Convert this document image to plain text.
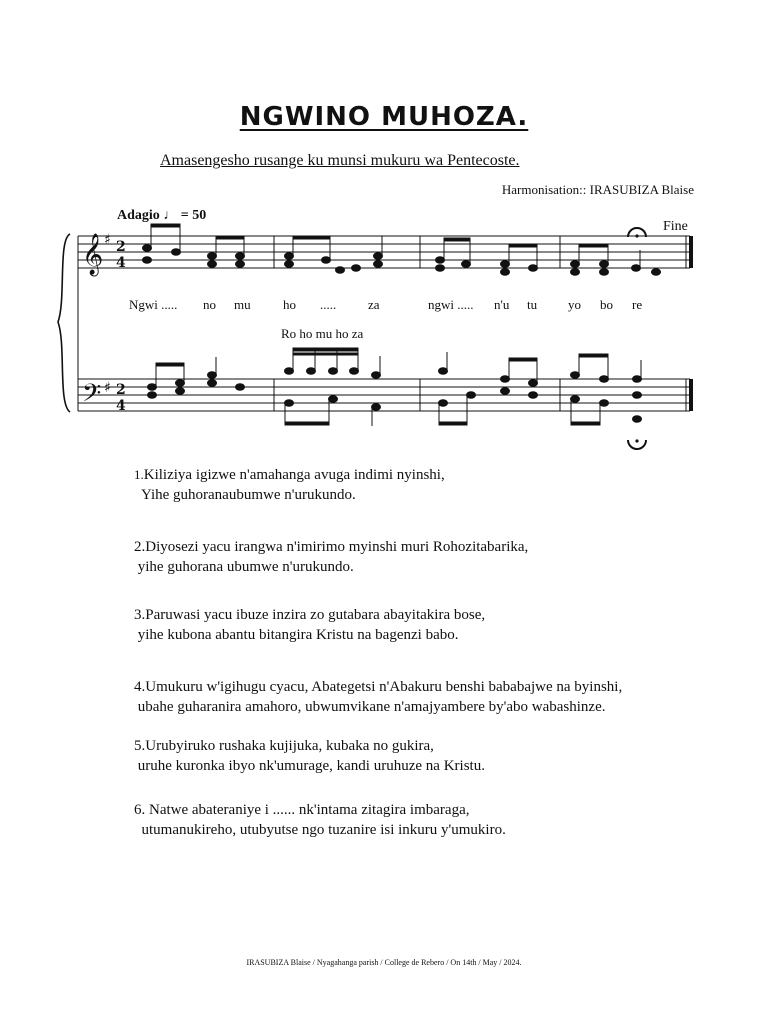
NGWINO MUHOZA.
Amasengesho rusange ku munsi mukuru wa Pentecoste.
Harmonisation:: IRASUBIZA Blaise
Adagio ♩ = 50
Fine
𝄞
𝄢
♯
♯
2
4
2
4
Ngwi ..... no mu ho ..... za	ngwi ..... n'u tu yo bo re
Ro ho mu ho za
1.Kiliziya igizwe n'amahanga avuga indimi nyinshi,
Yihe guhoranaubumwe n'urukundo.
2.Diyosezi yacu irangwa n'imirimo myinshi muri Rohozitabarika,
yihe guhorana ubumwe n'urukundo.
3.Paruwasi yacu ibuze inzira zo gutabara abayitakira bose,
yihe kubona abantu bitangira Kristu na bagenzi babo.
4.Umukuru w'igihugu cyacu, Abategetsi n'Abakuru benshi bababajwe na byinshi,
ubahe guharanira amahoro, ubwumvikane n'amajyambere by'abo wabashinze.
5.Urubyiruko rushaka kujijuka, kubaka no gukira,
uruhe kuronka ibyo nk'umurage, kandi uruhuze na Kristu.
6. Natwe abateraniye i ...... nk'intama zitagira imbaraga,
utumanukireho, utubyutse ngo tuzanire isi inkuru y'umukiro.
IRASUBIZA Blaise / Nyagahanga parish / College de Rebero / On 14th / May / 2024.
